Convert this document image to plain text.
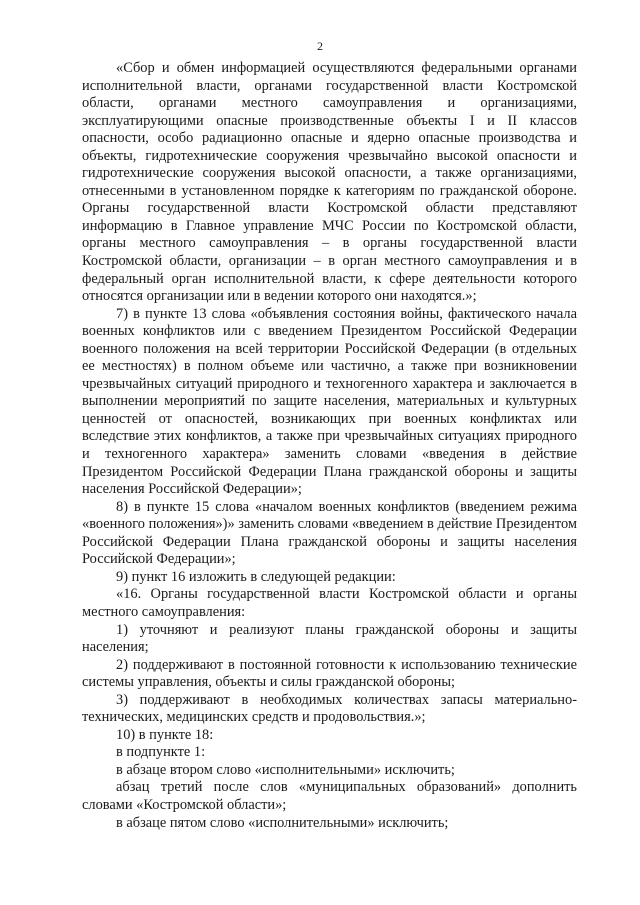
2

«Сбор и обмен информацией осуществляются федеральными органами исполнительной власти, органами государственной власти Костромской области, органами местного самоуправления и организациями, эксплуатирующими опасные производственные объекты I и II классов опасности, особо радиационно опасные и ядерно опасные производства и объекты, гидротехнические сооружения чрезвычайно высокой опасности и гидротехнические сооружения высокой опасности, а также организациями, отнесенными в установленном порядке к категориям по гражданской обороне. Органы государственной власти Костромской области представляют информацию в Главное управление МЧС России по Костромской области, органы местного самоуправления – в органы государственной власти Костромской области, организации – в орган местного самоуправления и в федеральный орган исполнительной власти, к сфере деятельности которого относятся организации или в ведении которого они находятся.»;

7) в пункте 13 слова «объявления состояния войны, фактического начала военных конфликтов или с введением Президентом Российской Федерации военного положения на всей территории Российской Федерации (в отдельных ее местностях) в полном объеме или частично, а также при возникновении чрезвычайных ситуаций природного и техногенного характера и заключается в выполнении мероприятий по защите населения, материальных и культурных ценностей от опасностей, возникающих при военных конфликтах или вследствие этих конфликтов, а также при чрезвычайных ситуациях природного и техногенного характера» заменить словами «введения в действие Президентом Российской Федерации Плана гражданской обороны и защиты населения Российской Федерации»;

8) в пункте 15 слова «началом военных конфликтов (введением режима «военного положения»)» заменить словами «введением в действие Президентом Российской Федерации Плана гражданской обороны и защиты населения Российской Федерации»;

9) пункт 16 изложить в следующей редакции:

«16. Органы государственной власти Костромской области и органы местного самоуправления:

1) уточняют и реализуют планы гражданской обороны и защиты населения;

2) поддерживают в постоянной готовности к использованию технические системы управления, объекты и силы гражданской обороны;

3) поддерживают в необходимых количествах запасы материально-технических, медицинских средств и продовольствия.»;

10) в пункте 18:

в подпункте 1:

в абзаце втором слово «исполнительными» исключить;

абзац третий после слов «муниципальных образований» дополнить словами «Костромской области»;

в абзаце пятом слово «исполнительными» исключить;
